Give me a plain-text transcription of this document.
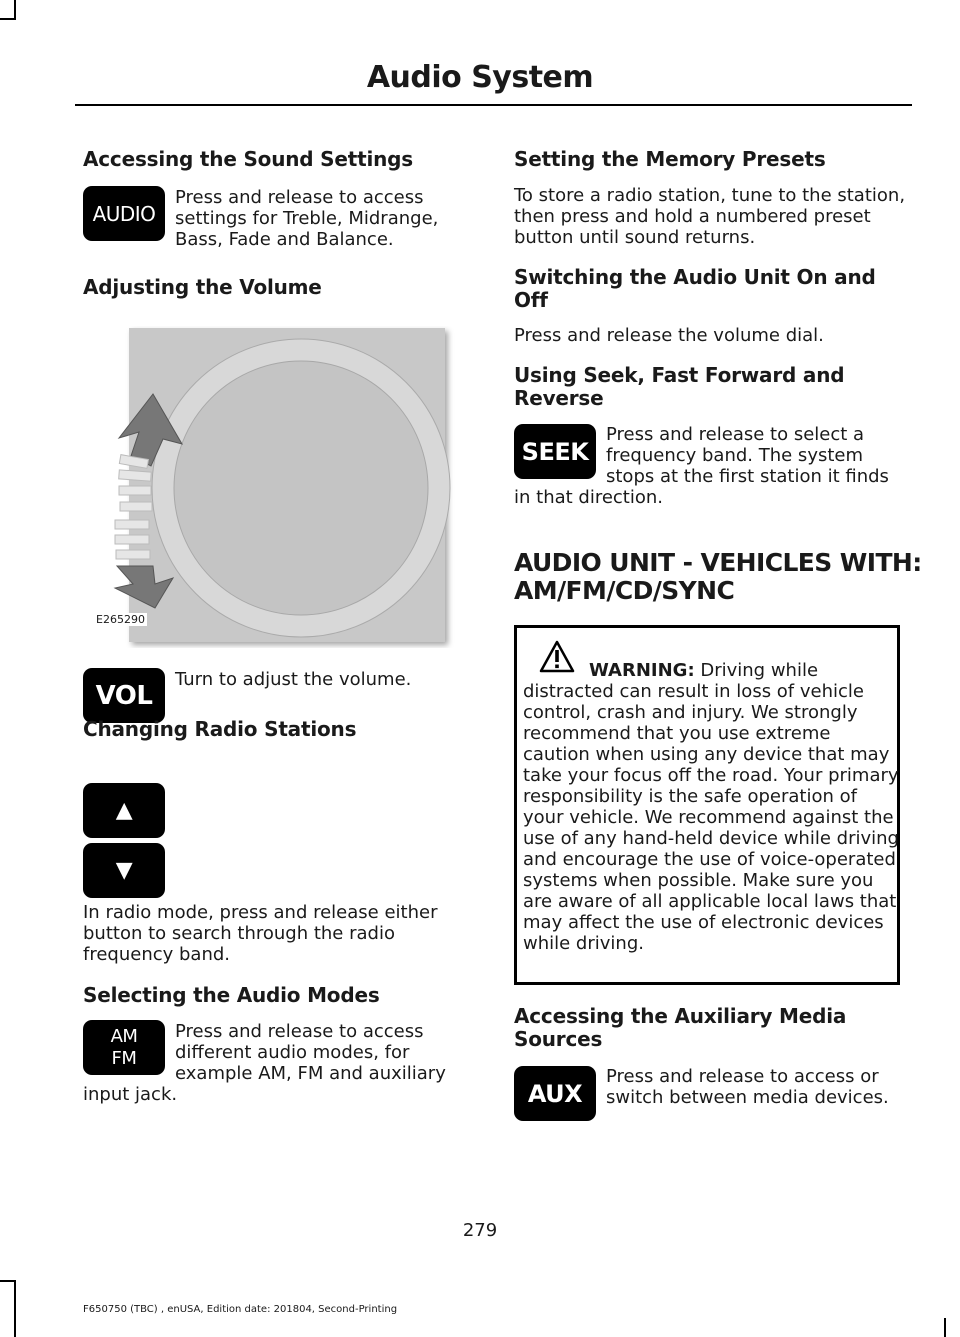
Audio System
Accessing the Sound Settings
AUDIO

Press and release to access settings for Treble, Midrange, Bass, Fade and Balance.

Adjusting the Volume
E265290
VOL

Turn to adjust the volume.

Changing Radio Stations
▲
▼

In radio mode, press and release either button to search through the radio frequency band.

Selecting the Audio Modes
AM
FM

Press and release to access

different audio modes, for

example AM, FM and auxiliary

input jack.

Setting the Memory Presets

To store a radio station, tune to the station, then press and hold a numbered preset button until sound returns.

Switching the Audio Unit On and Off

Press and release the volume dial.

Using Seek, Fast Forward and Reverse
SEEK

Press and release to select a

frequency band. The system

stops at the first station it finds

in that direction.

AUDIO UNIT - VEHICLES WITH:
AM/FM/CD/SYNC

WARNING: Driving while distracted can result in loss of vehicle control, crash and injury. We strongly recommend that you use extreme caution when using any device that may take your focus off the road. Your primary responsibility is the safe operation of your vehicle. We recommend against the use of any hand-held device while driving and encourage the use of voice-operated systems when possible. Make sure you are aware of all applicable local laws that may affect the use of electronic devices while driving.

Accessing the Auxiliary Media Sources
AUX

Press and release to access or switch between media devices.

279
F650750 (TBC) , enUSA, Edition date: 201804, Second-Printing
